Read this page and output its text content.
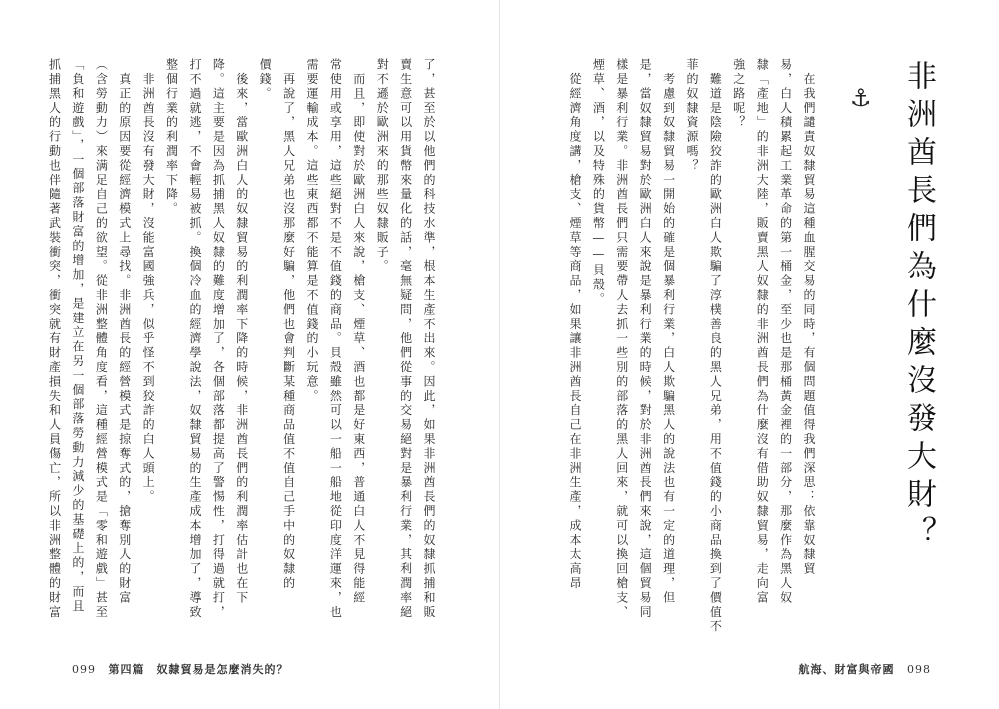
非洲酋長們為什麼沒發大財？
⚓
　在我們譴責奴隸貿易這種血腥交易的同時，有個問題值得我們深思：依靠奴隸貿
易，白人積累起工業革命的第一桶金，至少也是那桶黃金裡的一部分，那麼作為黑人奴
隸「產地」的非洲大陸，販賣黑人奴隸的非洲酋長們為什麼沒有借助奴隸貿易，走向富
強之路呢？
　難道是陰險狡詐的歐洲白人欺騙了淳樸善良的黑人兄弟，用不值錢的小商品換到了價值不
菲的奴隸資源嗎？
　考慮到奴隸貿易一開始的確是個暴利行業，白人欺騙黑人的說法也有一定的道理，但
是，當奴隸貿易對於歐洲白人來說是暴利行業的時候，對於非洲酋長們來說，這個貿易同
樣是暴利行業。非洲酋長們只需要帶人去抓一些別的部落的黑人回來，就可以換回槍支、
煙草、酒，以及特殊的貨幣——貝殼。
　從經濟角度講，槍支、煙草等商品，如果讓非洲酋長自己在非洲生產，成本太高昂
了，甚至於以他們的科技水準，根本生產不出來。因此，如果非洲酋長們的奴隸抓捕和販
賣生意可以用貨幣來量化的話，毫無疑問，他們從事的交易絕對是暴利行業，其利潤率絕
對不遜於歐洲來的那些奴隸販子。
　而且，即使對於歐洲白人來說，槍支、煙草、酒也都是好東西，普通白人不見得能經
常使用或享用，這些絕對不是不值錢的商品。貝殼雖然可以一船一船地從印度洋運來，也
需要運輸成本。這些東西都不能算是不值錢的小玩意。
　再說了，黑人兄弟也沒那麼好騙，他們也會判斷某種商品值不值自己手中的奴隸的
價錢。
　後來，當歐洲白人的奴隸貿易的利潤率下降的時候，非洲酋長們的利潤率估計也在下
降。這主要是因為抓捕黑人奴隸的難度增加了，各個部落都提高了警惕性，打得過就打，
打不過就逃，不會輕易被抓。換個冷血的經濟學說法，奴隸貿易的生產成本增加了，導致
整個行業的利潤率下降。
　非洲酋長沒有發大財，沒能富國強兵，似乎怪不到狡詐的白人頭上。
　真正的原因要從經濟模式上尋找。非洲酋長的經營模式是掠奪式的，搶奪別人的財富
（含勞動力）來满足自己的欲望。從非洲整體角度看，這種經營模式是「零和遊戲」甚至
「負和遊戲」，一個部落財富的增加，是建立在另一個部落勞動力減少的基礎上的，而且
抓捕黑人的行動也伴隨著武裝衝突，衝突就有財產損失和人員傷亡，所以非洲整體的財富
099 第四篇　奴隸貿易是怎麼消失的？	航海、財富與帝國 098
